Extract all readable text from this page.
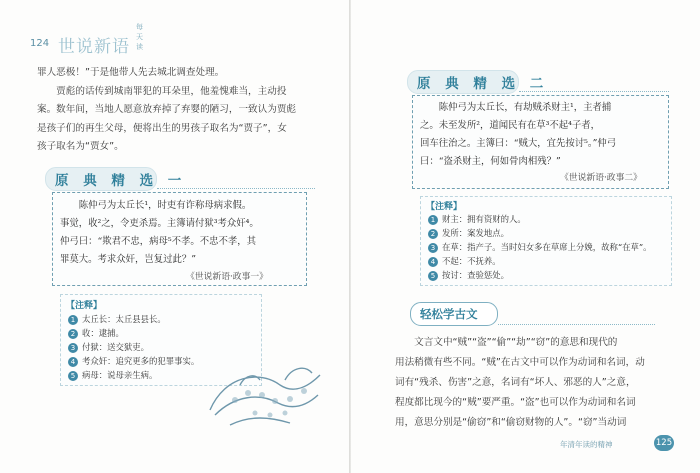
124
每天读
世说新语
罪人恶极！”于是他带人先去城北调查处理。
　　贾彪的话传到城南罪犯的耳朵里，他羞愧难当，主动投
案。数年间，当地人愿意放弃掉了弃婴的陋习，一致认为贾彪
是孩子们的再生父母，便将出生的男孩子取名为“贾子”，女
孩子取名为“贾女”。
原 典 精 选 一
　　陈仲弓为太丘长¹，时吏有诈称母病求假。
事觉，收²之，令吏杀焉。主簿请付狱³考众奸⁴。
仲弓曰：“欺君不忠，病母⁵不孝。不忠不孝，其
罪莫大。考求众奸，岂复过此？”
《世说新语·政事一》
【注释】
1 太丘长：太丘县县长。
2 收：逮捕。
3 付狱：送交狱吏。
4 考众奸：追究更多的犯罪事实。
5 病母：说母亲生病。
原 典 精 选 二
　　陈仲弓为太丘长，有劫贼杀财主¹，主者捕
之。未至发所²，道闻民有在草³不起⁴子者，
回车往治之。主簿曰：“贼大，宜先按讨⁵。”仲弓
曰：“盗杀财主，何如骨肉相残？”
《世说新语·政事二》
【注释】
1 财主：拥有资财的人。
2 发所：案发地点。
3 在草：指产子。当时妇女多在草席上分娩，故称“在草”。
4 不起：不抚养。
5 按讨：查验惩处。
轻松学古文
　　文言文中“贼”“盗”“偷”“劫”“窃”的意思和现代的
用法稍微有些不同。“贼”在古文中可以作为动词和名词，动
词有“残杀、伤害”之意，名词有“坏人、邪恶的人”之意，
程度都比现今的“贼”要严重。“盗”也可以作为动词和名词
用，意思分别是“偷窃”和“偷窃财物的人”。“窃”当动词
年清年读的精神	125
